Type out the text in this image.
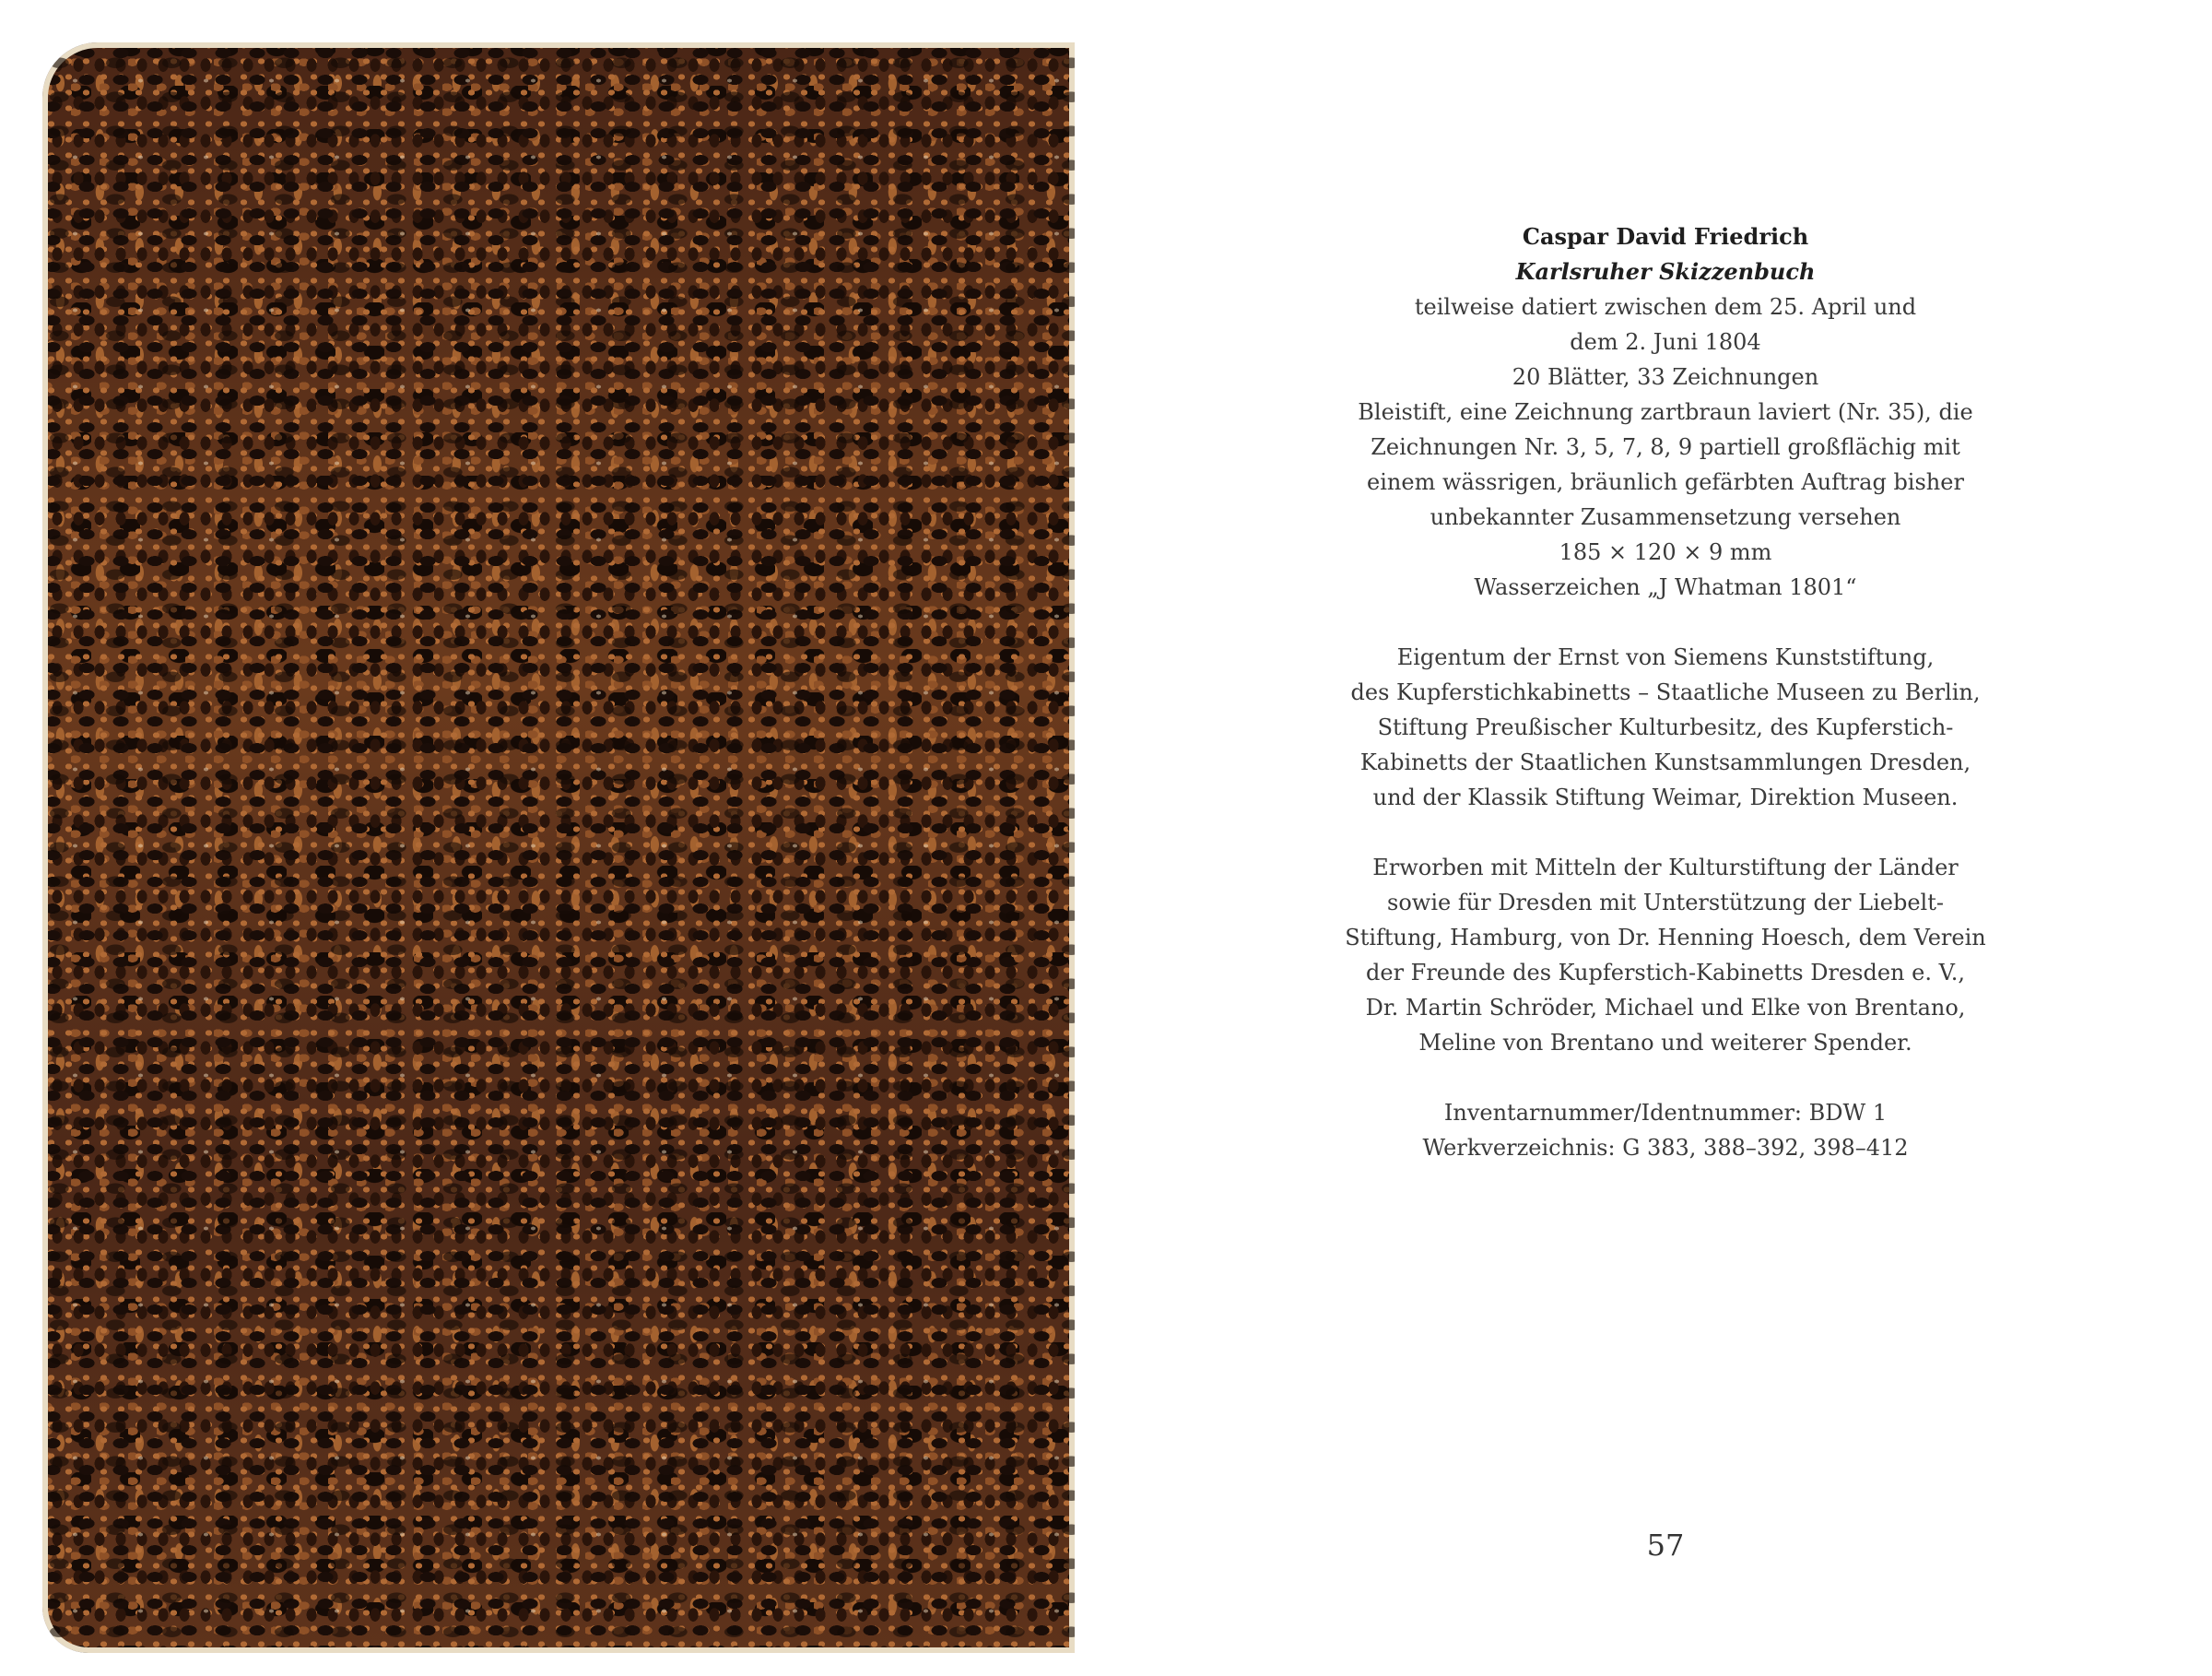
Caspar David Friedrich
Karlsruher Skizzenbuch
teilweise datiert zwischen dem 25. April und
dem 2. Juni 1804
20 Blätter, 33 Zeichnungen
Bleistift, eine Zeichnung zartbraun laviert (Nr. 35), die
Zeichnungen Nr. 3, 5, 7, 8, 9 partiell großflächig mit
einem wässrigen, bräunlich gefärbten Auftrag bisher
unbekannter Zusammensetzung versehen
185 × 120 × 9 mm
Wasserzeichen „J Whatman 1801“
Eigentum der Ernst von Siemens Kunststiftung,
des Kupferstichkabinetts – Staatliche Museen zu Berlin,
Stiftung Preußischer Kulturbesitz, des Kupferstich-
Kabinetts der Staatlichen Kunstsammlungen Dresden,
und der Klassik Stiftung Weimar, Direktion Museen.
Erworben mit Mitteln der Kulturstiftung der Länder
sowie für Dresden mit Unterstützung der Liebelt-
Stiftung, Hamburg, von Dr. Henning Hoesch, dem Verein
der Freunde des Kupferstich-Kabinetts Dresden e. V.,
Dr. Martin Schröder, Michael und Elke von Brentano,
Meline von Brentano und weiterer Spender.
Inventarnummer/Identnummer: BDW 1
Werkverzeichnis: G 383, 388–392, 398–412
57
